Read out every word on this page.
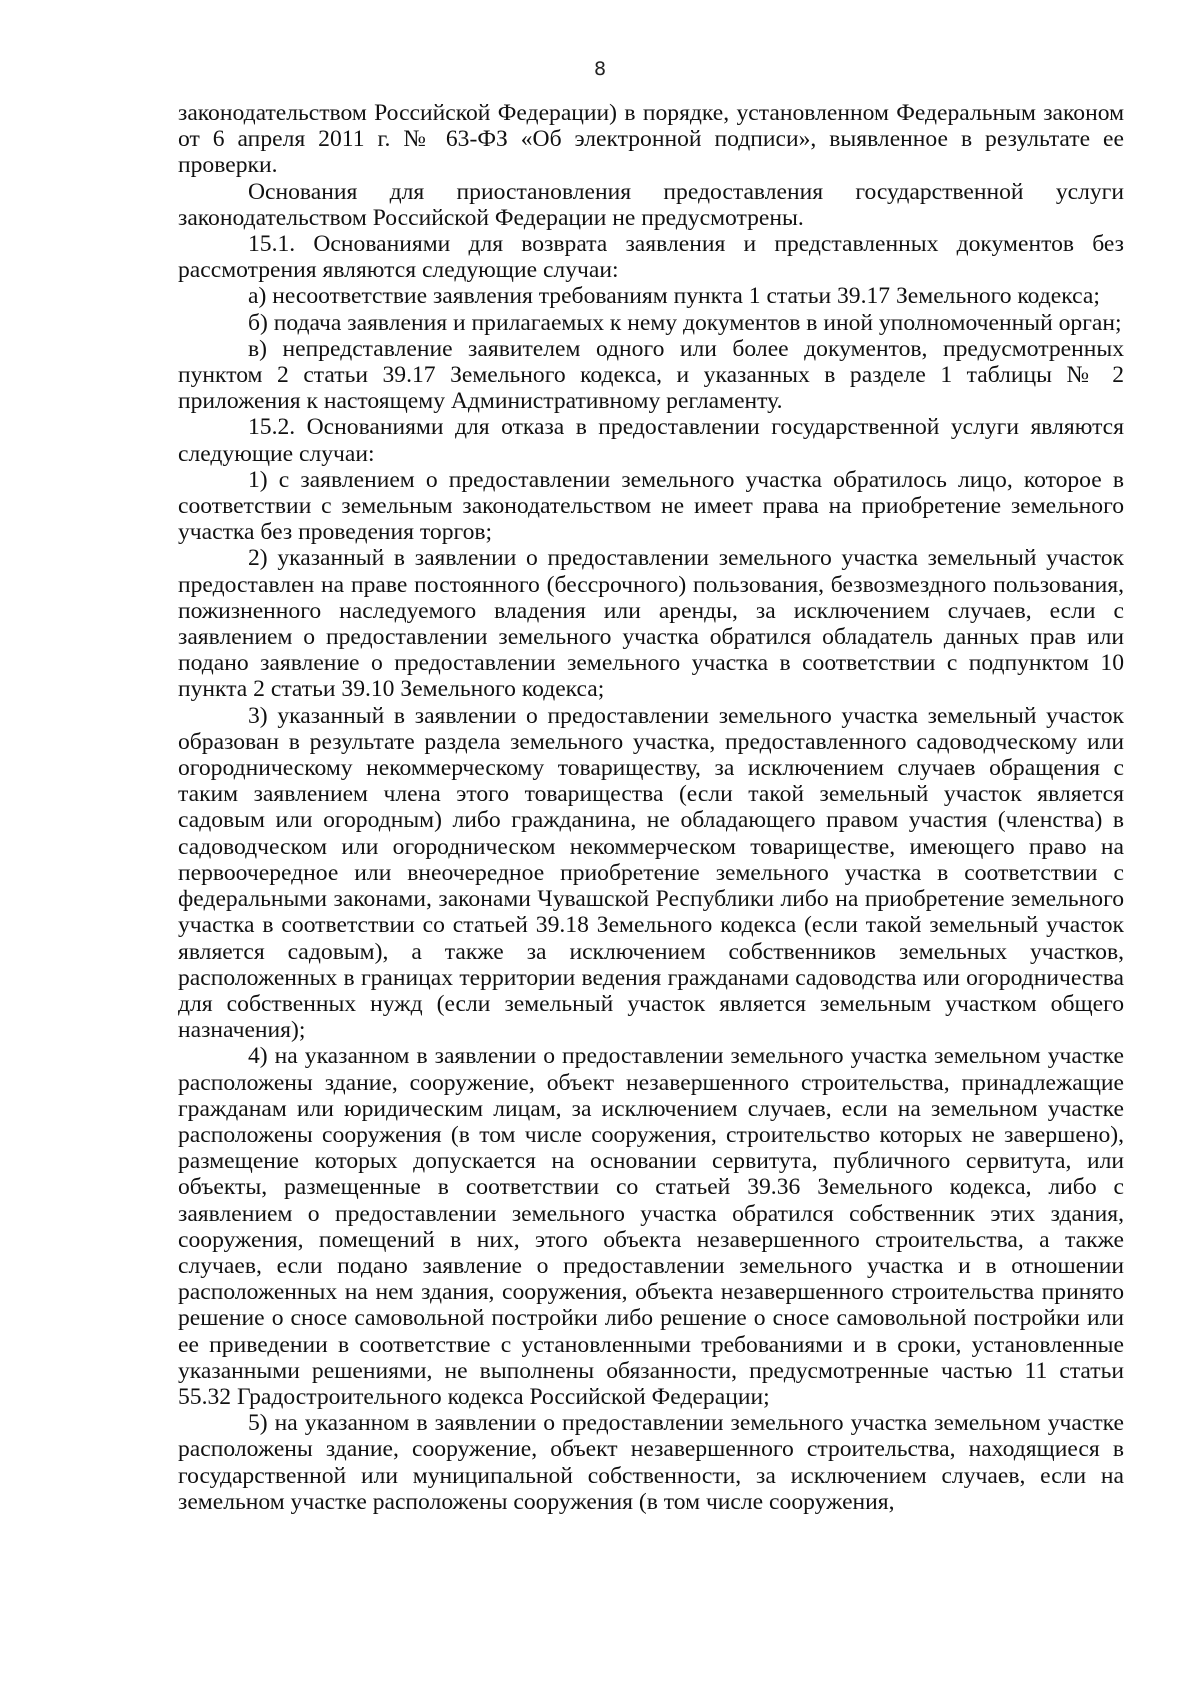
8

законодательством Российской Федерации) в порядке, установленном Федеральным законом от 6 апреля 2011 г. № 63-ФЗ «Об электронной подписи», выявленное в результате ее проверки.

Основания для приостановления предоставления государственной услуги законодательством Российской Федерации не предусмотрены.

15.1. Основаниями для возврата заявления и представленных документов без рассмотрения являются следующие случаи:

а) несоответствие заявления требованиям пункта 1 статьи 39.17 Земельного кодекса;

б) подача заявления и прилагаемых к нему документов в иной уполномоченный орган;

в) непредставление заявителем одного или более документов, предусмотренных пунктом 2 статьи 39.17 Земельного кодекса, и указанных в разделе 1 таблицы № 2 приложения к настоящему Административному регламенту.

15.2. Основаниями для отказа в предоставлении государственной услуги являются следующие случаи:

1) с заявлением о предоставлении земельного участка обратилось лицо, которое в соответствии с земельным законодательством не имеет права на приобретение земельного участка без проведения торгов;

2) указанный в заявлении о предоставлении земельного участка земельный участок предоставлен на праве постоянного (бессрочного) пользования, безвозмездного пользования, пожизненного наследуемого владения или аренды, за исключением случаев, если с заявлением о предоставлении земельного участка обратился обладатель данных прав или подано заявление о предоставлении земельного участка в соответствии с подпунктом 10 пункта 2 статьи 39.10 Земельного кодекса;

3) указанный в заявлении о предоставлении земельного участка земельный участок образован в результате раздела земельного участка, предоставленного садоводческому или огородническому некоммерческому товариществу, за исключением случаев обращения с таким заявлением члена этого товарищества (если такой земельный участок является садовым или огородным) либо гражданина, не обладающего правом участия (членства) в садоводческом или огородническом некоммерческом товариществе, имеющего право на первоочередное или внеочередное приобретение земельного участка в соответствии с федеральными законами, законами Чувашской Республики либо на приобретение земельного участка в соответствии со статьей 39.18 Земельного кодекса (если такой земельный участок является садовым), а также за исключением собственников земельных участков, расположенных в границах территории ведения гражданами садоводства или огородничества для собственных нужд (если земельный участок является земельным участком общего назначения);

4) на указанном в заявлении о предоставлении земельного участка земельном участке расположены здание, сооружение, объект незавершенного строительства, принадлежащие гражданам или юридическим лицам, за исключением случаев, если на земельном участке расположены сооружения (в том числе сооружения, строительство которых не завершено), размещение которых допускается на основании сервитута, публичного сервитута, или объекты, размещенные в соответствии со статьей 39.36 Земельного кодекса, либо с заявлением о предоставлении земельного участка обратился собственник этих здания, сооружения, помещений в них, этого объекта незавершенного строительства, а также случаев, если подано заявление о предоставлении земельного участка и в отношении расположенных на нем здания, сооружения, объекта незавершенного строительства принято решение о сносе самовольной постройки либо решение о сносе самовольной постройки или ее приведении в соответствие с установленными требованиями и в сроки, установленные указанными решениями, не выполнены обязанности, предусмотренные частью 11 статьи 55.32 Градостроительного кодекса Российской Федерации;

5) на указанном в заявлении о предоставлении земельного участка земельном участке расположены здание, сооружение, объект незавершенного строительства, находящиеся в государственной или муниципальной собственности, за исключением случаев, если на земельном участке расположены сооружения (в том числе сооружения,
